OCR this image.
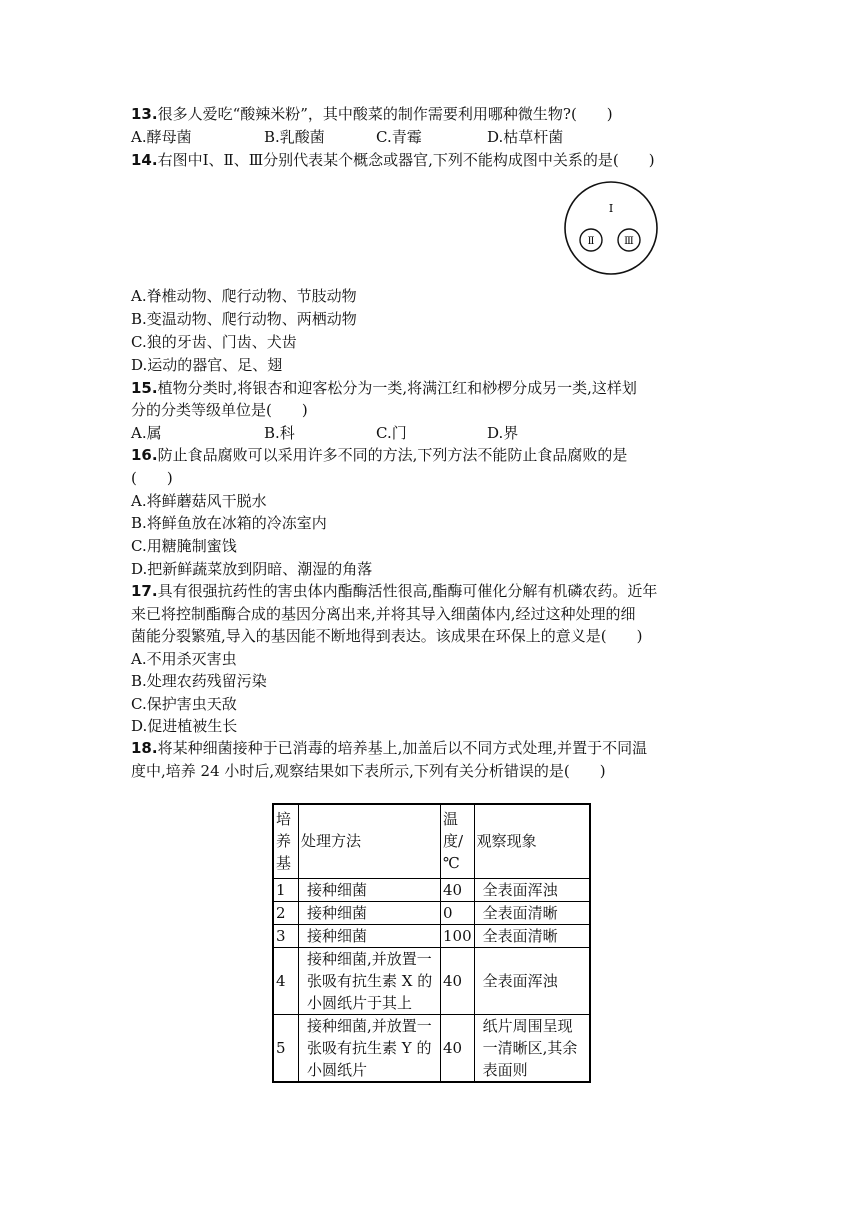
13.很多人爱吃“酸辣米粉”，其中酸菜的制作需要利用哪种微生物?(　　)
A.酵母菌	B.乳酸菌	C.青霉	D.枯草杆菌
14.右图中Ⅰ、Ⅱ、Ⅲ分别代表某个概念或器官,下列不能构成图中关系的是(　　)
Ⅰ
Ⅱ	Ⅲ
A.脊椎动物、爬行动物、节肢动物
B.变温动物、爬行动物、两栖动物
C.狼的牙齿、门齿、犬齿
D.运动的器官、足、翅
15.植物分类时,将银杏和迎客松分为一类,将满江红和桫椤分成另一类,这样划
分的分类等级单位是(　　)
A.属	B.科	C.门	D.界
16.防止食品腐败可以采用许多不同的方法,下列方法不能防止食品腐败的是
(　　)
A.将鲜蘑菇风干脱水
B.将鲜鱼放在冰箱的冷冻室内
C.用糖腌制蜜饯
D.把新鲜蔬菜放到阴暗、潮湿的角落
17.具有很强抗药性的害虫体内酯酶活性很高,酯酶可催化分解有机磷农药。近年
来已将控制酯酶合成的基因分离出来,并将其导入细菌体内,经过这种处理的细
菌能分裂繁殖,导入的基因能不断地得到表达。该成果在环保上的意义是(　　)
A.不用杀灭害虫
B.处理农药残留污染
C.保护害虫天敌
D.促进植被生长
18.将某种细菌接种于已消毒的培养基上,加盖后以不同方式处理,并置于不同温
度中,培养 24 小时后,观察结果如下表所示,下列有关分析错误的是(　　)
培养基	处理方法	温度/℃	观察现象
1	接种细菌	40	全表面浑浊
2	接种细菌	0	全表面清晰
3	接种细菌	100	全表面清晰
4	接种细菌,并放置一张吸有抗生素 X 的小圆纸片于其上	40	全表面浑浊
5	接种细菌,并放置一张吸有抗生素 Y 的小圆纸片	40	纸片周围呈现一清晰区,其余表面则
